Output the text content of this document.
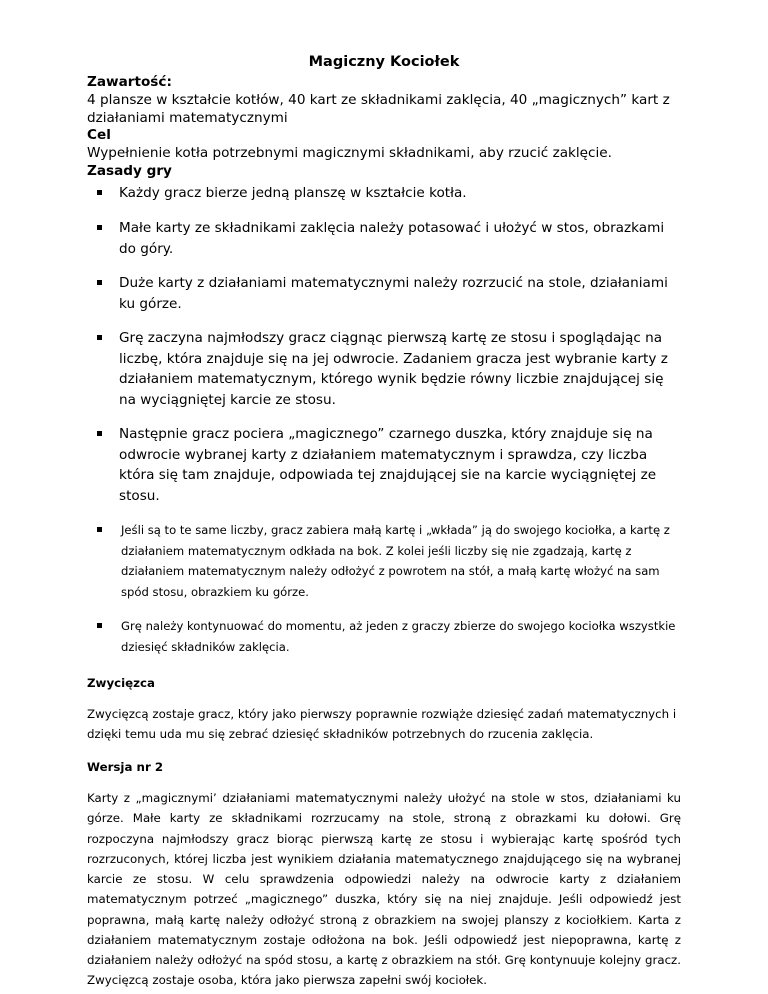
Magiczny Kociołek

Zawartość:

4 plansze w kształcie kotłów, 40 kart ze składnikami zaklęcia, 40 „magicznych” kart z działaniami matematycznymi

Cel

Wypełnienie kotła potrzebnymi magicznymi składnikami, aby rzucić zaklęcie.

Zasady gry

Każdy gracz bierze jedną planszę w kształcie kotła.
Małe karty ze składnikami zaklęcia należy potasować i ułożyć w stos, obrazkami do góry.
Duże karty z działaniami matematycznymi należy rozrzucić na stole, działaniami ku górze.
Grę zaczyna najmłodszy gracz ciągnąc pierwszą kartę ze stosu i spoglądając na liczbę, która znajduje się na jej odwrocie. Zadaniem gracza jest wybranie karty z działaniem matematycznym, którego wynik będzie równy liczbie znajdującej się na wyciągniętej karcie ze stosu.
Następnie gracz pociera „magicznego” czarnego duszka, który znajduje się na odwrocie wybranej karty z działaniem matematycznym i sprawdza, czy liczba która się tam znajduje, odpowiada tej znajdującej sie na karcie wyciągniętej ze stosu.
Jeśli są to te same liczby, gracz zabiera małą kartę i „wkłada” ją do swojego kociołka, a kartę z działaniem matematycznym odkłada na bok. Z kolei jeśli liczby się nie zgadzają, kartę z działaniem matematycznym należy odłożyć z powrotem na stół, a małą kartę włożyć na sam spód stosu, obrazkiem ku górze.
Grę należy kontynuować do momentu, aż jeden z graczy zbierze do swojego kociołka wszystkie dziesięć składników zaklęcia.

Zwycięzca

Zwycięzcą zostaje gracz, który jako pierwszy poprawnie rozwiąże dziesięć zadań matematycznych i dzięki temu uda mu się zebrać dziesięć składników potrzebnych do rzucenia zaklęcia.

Wersja nr 2

Karty z „magicznymi’ działaniami matematycznymi należy ułożyć na stole w stos, działaniami ku górze. Małe karty ze składnikami rozrzucamy na stole, stroną z obrazkami ku dołowi. Grę rozpoczyna najmłodszy gracz biorąc pierwszą kartę ze stosu i wybierając kartę spośród tych rozrzuconych, której liczba jest wynikiem działania matematycznego znajdującego się na wybranej karcie ze stosu. W celu sprawdzenia odpowiedzi należy na odwrocie karty z działaniem matematycznym potrzeć „magicznego” duszka, który się na niej znajduje. Jeśli odpowiedź jest poprawna, małą kartę należy odłożyć stroną z obrazkiem na swojej planszy z kociołkiem. Karta z działaniem matematycznym zostaje odłożona na bok. Jeśli odpowiedź jest niepoprawna, kartę z działaniem należy odłożyć na spód stosu, a kartę z obrazkiem na stół. Grę kontynuuje kolejny gracz. Zwycięzcą zostaje osoba, która jako pierwsza zapełni swój kociołek.
